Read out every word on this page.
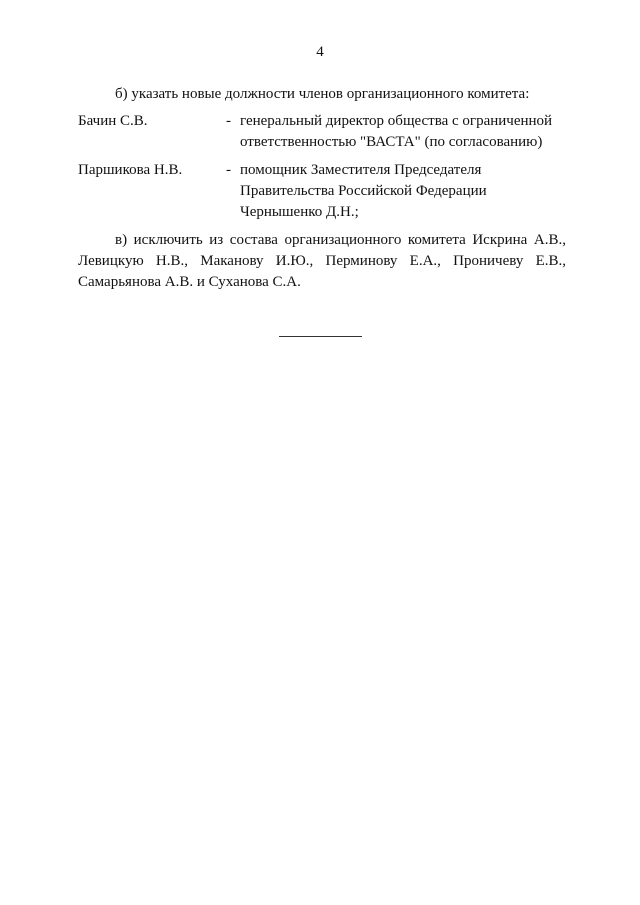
4
б) указать новые должности членов организационного комитета:
Бачин С.В.	- генеральный директор общества с ограниченной
ответственностью "ВАСТА" (по согласованию)
Паршикова Н.В.	- помощник Заместителя Председателя
Правительства Российской Федерации
Чернышенко Д.Н.;
в) исключить из состава организационного комитета Искрина А.В.,
Левицкую Н.В., Маканову И.Ю., Перминову Е.А., Проничеву Е.В.,
Самарьянова А.В. и Суханова С.А.
